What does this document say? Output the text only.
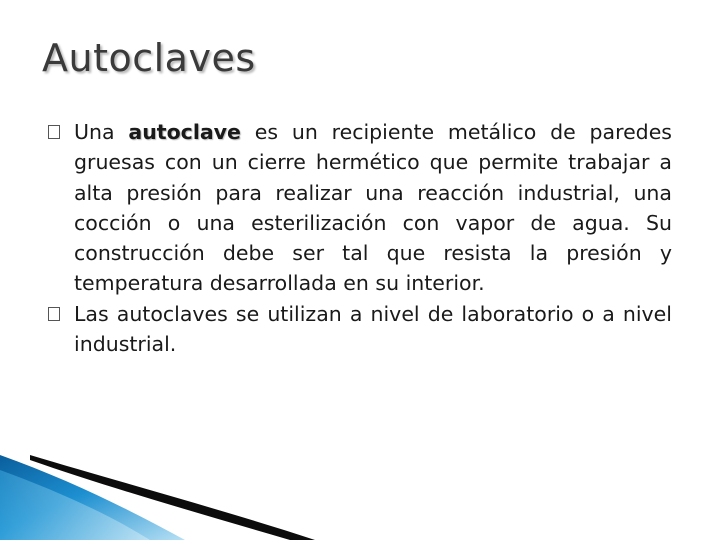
Autoclaves
Una autoclave es un recipiente metálico de paredes gruesas con un cierre hermético que permite trabajar a alta presión para realizar una reacción industrial, una cocción o una esterilización con vapor de agua. Su construcción debe ser tal que resista la presión y temperatura desarrollada en su interior.
Las autoclaves se utilizan a nivel de laboratorio o a nivel industrial.
